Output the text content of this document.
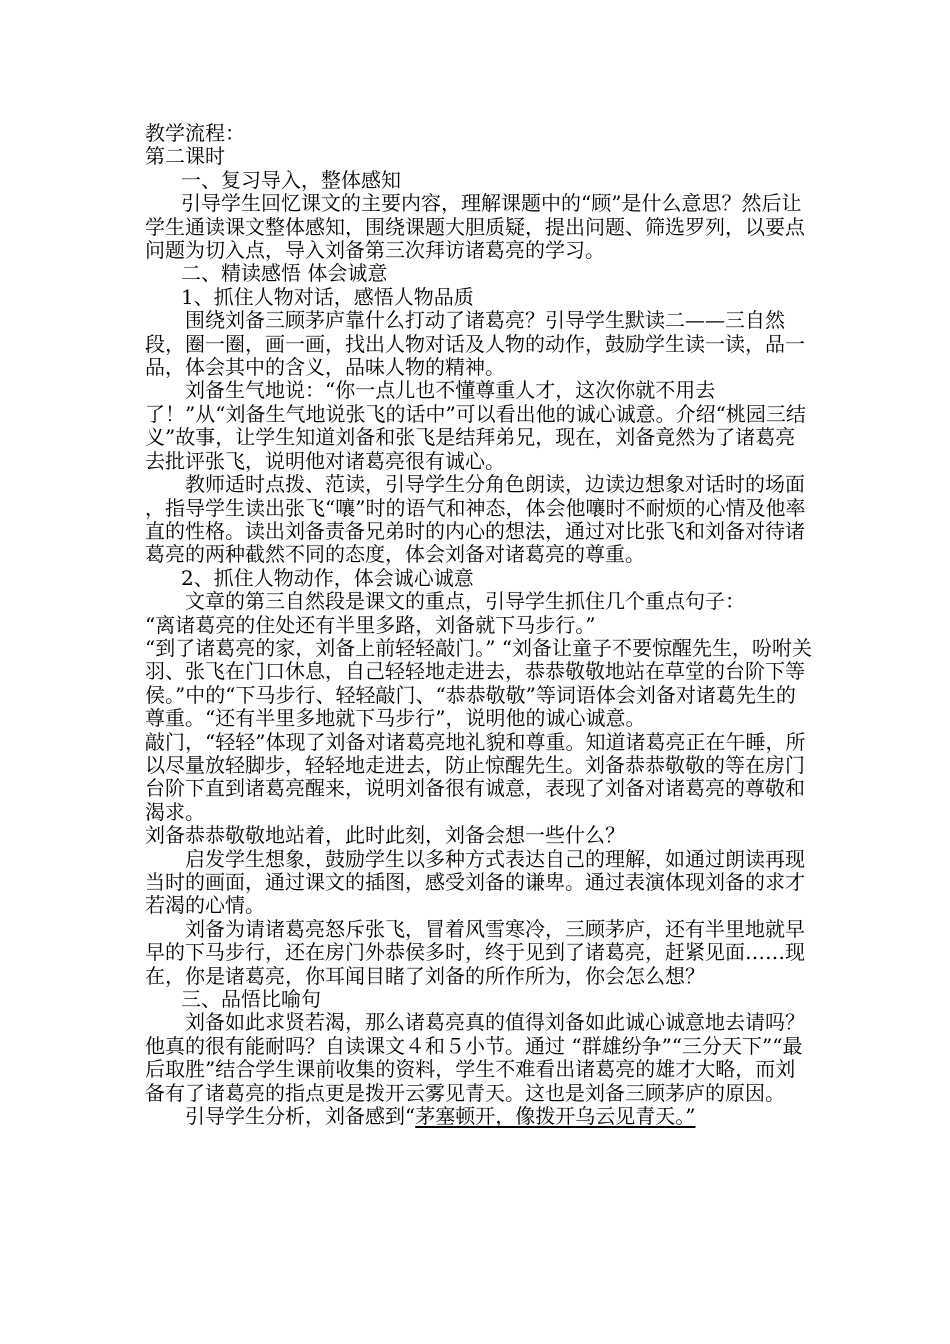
教学流程：

第二课时

一、复习导入，整体感知

引导学生回忆课文的主要内容，理解课题中的“顾”是什么意思？然后让学生通读课文整体感知，围绕课题大胆质疑，提出问题、筛选罗列，以要点问题为切入点，导入刘备第三次拜访诸葛亮的学习。

二、精读感悟 体会诚意

1、抓住人物对话，感悟人物品质

围绕刘备三顾茅庐靠什么打动了诸葛亮？引导学生默读二——三自然段，圈一圈，画一画，找出人物对话及人物的动作，鼓励学生读一读，品一品，体会其中的含义，品味人物的精神。

刘备生气地说：“你一点儿也不懂尊重人才，这次你就不用去了！”从“刘备生气地说张飞的话中”可以看出他的诚心诚意。介绍“桃园三结义”故事，让学生知道刘备和张飞是结拜弟兄，现在，刘备竟然为了诸葛亮去批评张飞，说明他对诸葛亮很有诚心。

教师适时点拨、范读，引导学生分角色朗读，边读边想象对话时的场面 ，指导学生读出张飞“嚷”时的语气和神态，体会他嚷时不耐烦的心情及他率直的性格。读出刘备责备兄弟时的内心的想法，通过对比张飞和刘备对待诸葛亮的两种截然不同的态度，体会刘备对诸葛亮的尊重。

2、抓住人物动作，体会诚心诚意

文章的第三自然段是课文的重点，引导学生抓住几个重点句子：

“离诸葛亮的住处还有半里多路，刘备就下马步行。”

“到了诸葛亮的家，刘备上前轻轻敲门。” “刘备让童子不要惊醒先生，吩咐关羽、张飞在门口休息，自己轻轻地走进去，恭恭敬敬地站在草堂的台阶下等侯。”中的“下马步行、轻轻敲门、“恭恭敬敬”等词语体会刘备对诸葛先生的尊重。“还有半里多地就下马步行”，说明他的诚心诚意。

敲门，“轻轻”体现了刘备对诸葛亮地礼貌和尊重。知道诸葛亮正在午睡，所以尽量放轻脚步，轻轻地走进去，防止惊醒先生。刘备恭恭敬敬的等在房门台阶下直到诸葛亮醒来，说明刘备很有诚意，表现了刘备对诸葛亮的尊敬和渴求。

刘备恭恭敬敬地站着，此时此刻，刘备会想一些什么？

启发学生想象，鼓励学生以多种方式表达自己的理解，如通过朗读再现当时的画面，通过课文的插图，感受刘备的谦卑。通过表演体现刘备的求才若渴的心情。

刘备为请诸葛亮怒斥张飞，冒着风雪寒冷，三顾茅庐，还有半里地就早早的下马步行，还在房门外恭侯多时，终于见到了诸葛亮，赶紧见面……现在，你是诸葛亮，你耳闻目睹了刘备的所作所为，你会怎么想？

三、品悟比喻句

刘备如此求贤若渴，那么诸葛亮真的值得刘备如此诚心诚意地去请吗？他真的很有能耐吗？自读课文４和５小节。通过 “群雄纷争”“三分天下”“最后取胜”结合学生课前收集的资料，学生不难看出诸葛亮的雄才大略，而刘备有了诸葛亮的指点更是拨开云雾见青天。这也是刘备三顾茅庐的原因。

引导学生分析，刘备感到“茅塞顿开，像拨开乌云见青天。”
